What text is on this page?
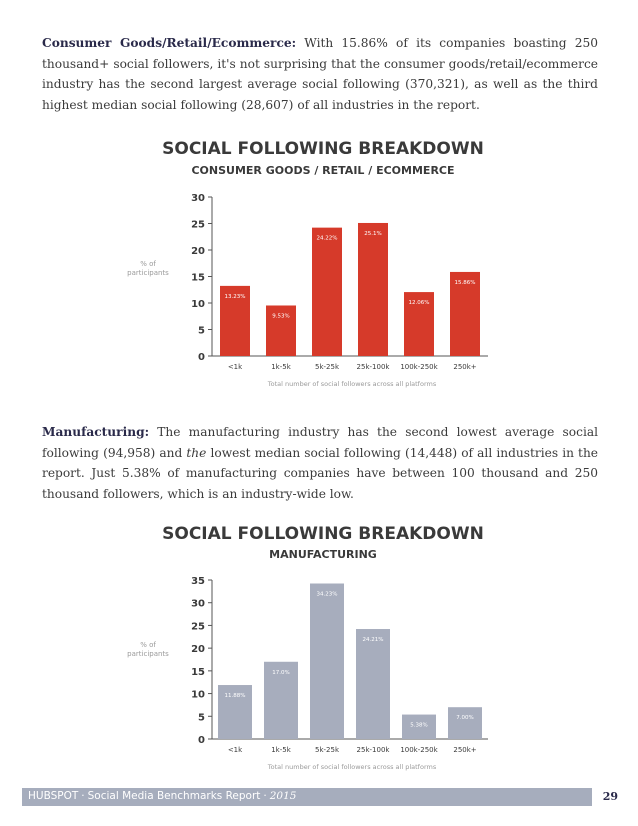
Consumer Goods/Retail/Ecommerce: With 15.86% of its companies boasting 250 thousand+ social followers, it's not surprising that the consumer goods/retail/ecommerce industry has the second largest average social following (370,321), as well as the third highest median social following (28,607) of all industries in the report.
SOCIAL FOLLOWING BREAKDOWN
CONSUMER GOODS / RETAIL / ECOMMERCE
% of participants
0
5
10
15
20
25
30
13.23%
<1k
9.53%
1k-5k
24.22%
5k-25k
25.1%
25k-100k
12.06%
100k-250k
15.86%
250k+
Total number of social followers across all platforms
Manufacturing: The manufacturing industry has the second lowest average social following (94,958) and the lowest median social following (14,448) of all industries in the report. Just 5.38% of manufacturing companies have between 100 thousand and 250 thousand followers, which is an industry-wide low.
SOCIAL FOLLOWING BREAKDOWN
MANUFACTURING
% of participants
0
5
10
15
20
25
30
35
11.88%
<1k
17.0%
1k-5k
34.23%
5k-25k
24.21%
25k-100k
5.38%
100k-250k
7.00%
250k+
Total number of social followers across all platforms
HUBSPOT · Social Media Benchmarks Report · 2015	29
